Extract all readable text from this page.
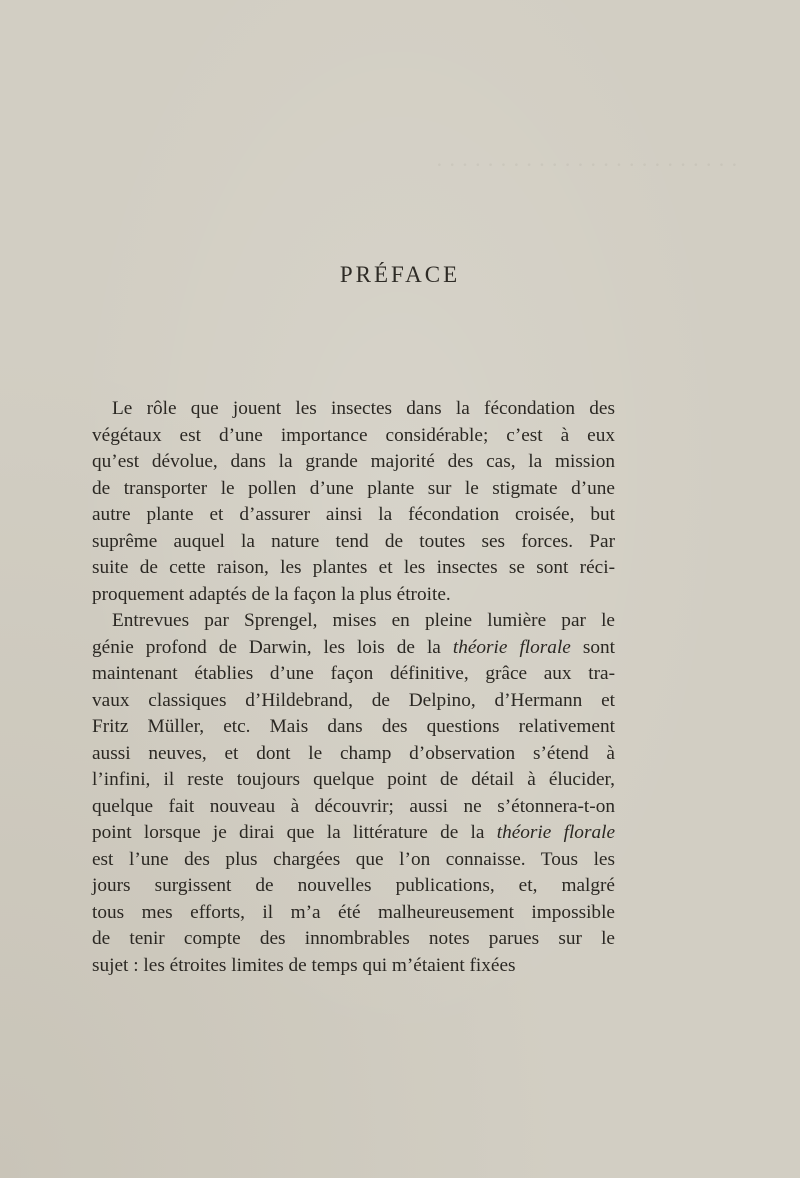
· · · · · · · · · · · · · · · · · · · · · · · ·

PRÉFACE
Le rôle que jouent les insectes dans la fécondation des
végétaux est d’une importance considérable; c’est à eux
qu’est dévolue, dans la grande majorité des cas, la mission
de transporter le pollen d’une plante sur le stigmate d’une
autre plante et d’assurer ainsi la fécondation croisée, but
suprême auquel la nature tend de toutes ses forces. Par
suite de cette raison, les plantes et les insectes se sont réci-
proquement adaptés de la façon la plus étroite.
Entrevues par Sprengel, mises en pleine lumière par le
génie profond de Darwin, les lois de la théorie florale sont
maintenant établies d’une façon définitive, grâce aux tra-
vaux classiques d’Hildebrand, de Delpino, d’Hermann et
Fritz Müller, etc. Mais dans des questions relativement
aussi neuves, et dont le champ d’observation s’étend à
l’infini, il reste toujours quelque point de détail à élucider,
quelque fait nouveau à découvrir; aussi ne s’étonnera-t-on
point lorsque je dirai que la littérature de la théorie florale
est l’une des plus chargées que l’on connaisse. Tous les
jours surgissent de nouvelles publications, et, malgré
tous mes efforts, il m’a été malheureusement impossible
de tenir compte des innombrables notes parues sur le
sujet : les étroites limites de temps qui m’étaient fixées
